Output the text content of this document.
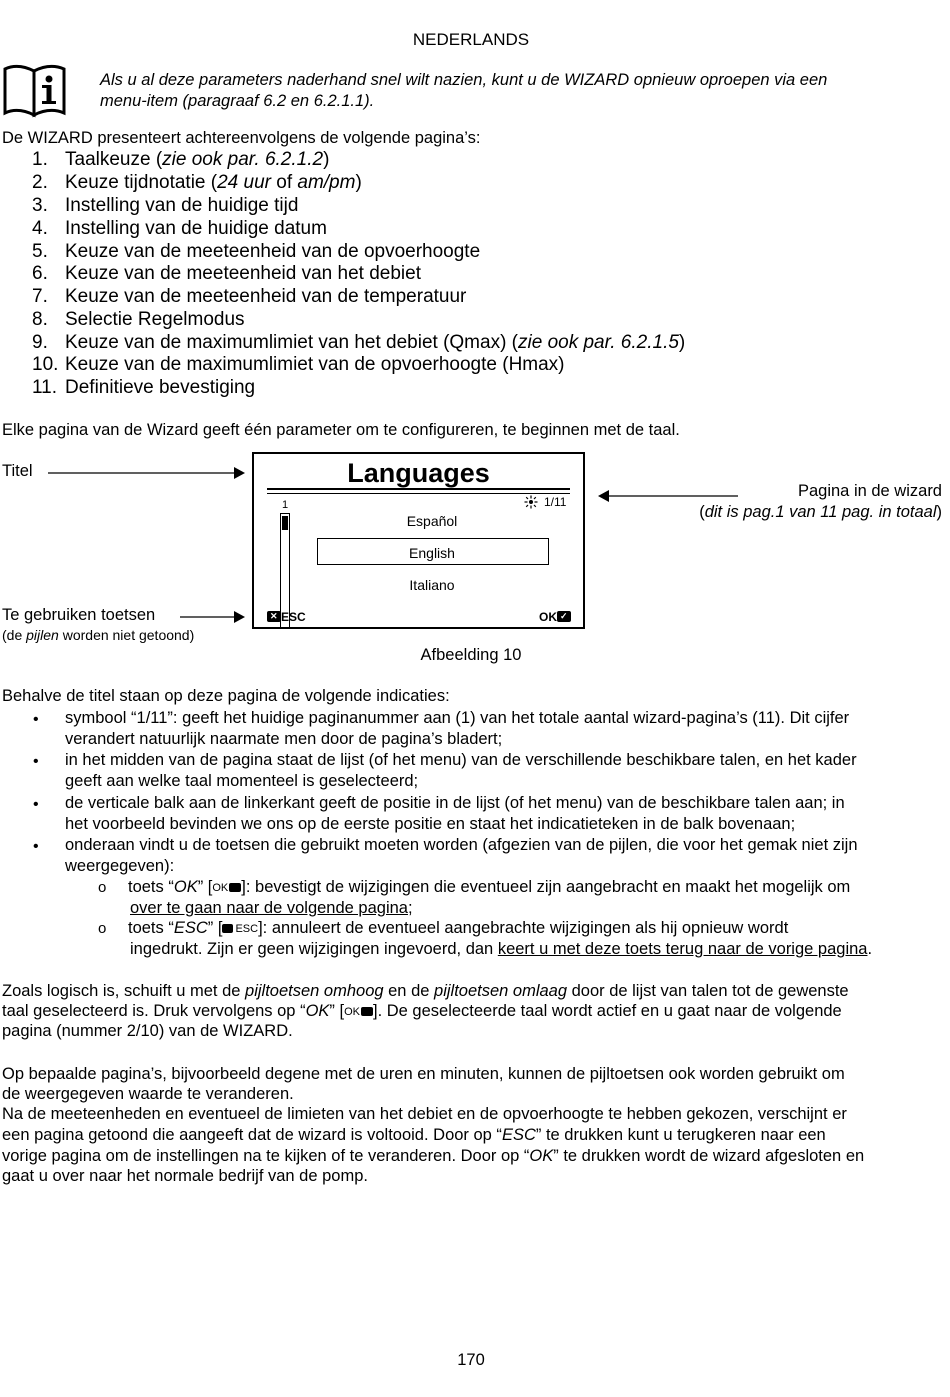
NEDERLANDS
Als u al deze parameters naderhand snel wilt nazien, kunt u de WIZARD opnieuw oproepen via een
menu-item (paragraaf 6.2 en 6.2.1.1).
De WIZARD presenteert achtereenvolgens de volgende pagina’s:
1. Taalkeuze (zie ook par. 6.2.1.2)
2. Keuze tijdnotatie (24 uur of am/pm)
3. Instelling van de huidige tijd
4. Instelling van de huidige datum
5. Keuze van de meeteenheid van de opvoerhoogte
6. Keuze van de meeteenheid van het debiet
7. Keuze van de meeteenheid van de temperatuur
8. Selectie Regelmodus
9. Keuze van de maximumlimiet van het debiet (Qmax) (zie ook par. 6.2.1.5)
10. Keuze van de maximumlimiet van de opvoerhoogte (Hmax)
11. Definitieve bevestiging
Elke pagina van de Wizard geeft één parameter om te configureren, te beginnen met de taal.
Titel
Pagina in de wizard
(dit is pag.1 van 11 pag. in totaal)
Te gebruiken toetsen
(de pijlen worden niet getoond)
Languages
1	1/11
Español
English
Italiano
✕ESC	OK✓
Afbeelding 10
Behalve de titel staan op deze pagina de volgende indicaties:
• symbool “1/11”: geeft het huidige paginanummer aan (1) van het totale aantal wizard-pagina’s (11). Dit cijfer
verandert natuurlijk naarmate men door de pagina’s bladert;
• in het midden van de pagina staat de lijst (of het menu) van de verschillende beschikbare talen, en het kader
geeft aan welke taal momenteel is geselecteerd;
• de verticale balk aan de linkerkant geeft de positie in de lijst (of het menu) van de beschikbare talen aan; in
het voorbeeld bevinden we ons op de eerste positie en staat het indicatieteken in de balk bovenaan;
• onderaan vindt u de toetsen die gebruikt moeten worden (afgezien van de pijlen, die voor het gemak niet zijn
weergegeven):
o toets “OK” [OK ]: bevestigt de wijzigingen die eventueel zijn aangebracht en maakt het mogelijk om
over te gaan naar de volgende pagina;
o toets “ESC” [ ESC]: annuleert de eventueel aangebrachte wijzigingen als hij opnieuw wordt
ingedrukt. Zijn er geen wijzigingen ingevoerd, dan keert u met deze toets terug naar de vorige pagina.
Zoals logisch is, schuift u met de pijltoetsen omhoog en de pijltoetsen omlaag door de lijst van talen tot de gewenste
taal geselecteerd is. Druk vervolgens op “OK” [OK ]. De geselecteerde taal wordt actief en u gaat naar de volgende
pagina (nummer 2/10) van de WIZARD.
Op bepaalde pagina’s, bijvoorbeeld degene met de uren en minuten, kunnen de pijltoetsen ook worden gebruikt om
de weergegeven waarde te veranderen.
Na de meeteenheden en eventueel de limieten van het debiet en de opvoerhoogte te hebben gekozen, verschijnt er
een pagina getoond die aangeeft dat de wizard is voltooid. Door op “ESC” te drukken kunt u terugkeren naar een
vorige pagina om de instellingen na te kijken of te veranderen. Door op “OK” te drukken wordt de wizard afgesloten en
gaat u over naar het normale bedrijf van de pomp.
170
